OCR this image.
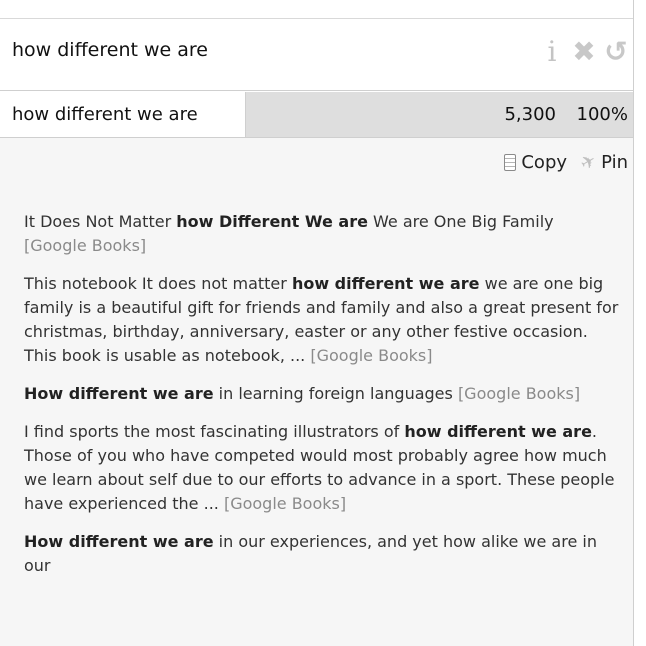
how different we are
i ✖ ↺
how different we are	5,300 100%
Copy ✈ Pin

It Does Not Matter how Different We are We are One Big Family [Google Books]

This notebook It does not matter how different we are we are one big family is a beautiful gift for friends and family and also a great present for christmas, birthday, anniversary, easter or any other festive occasion. This book is usable as notebook, ... [Google Books]

How different we are in learning foreign languages [Google Books]

I find sports the most fascinating illustrators of how different we are. Those of you who have competed would most probably agree how much we learn about self due to our efforts to advance in a sport. These people have experienced the ... [Google Books]

How different we are in our experiences, and yet how alike we are in our
